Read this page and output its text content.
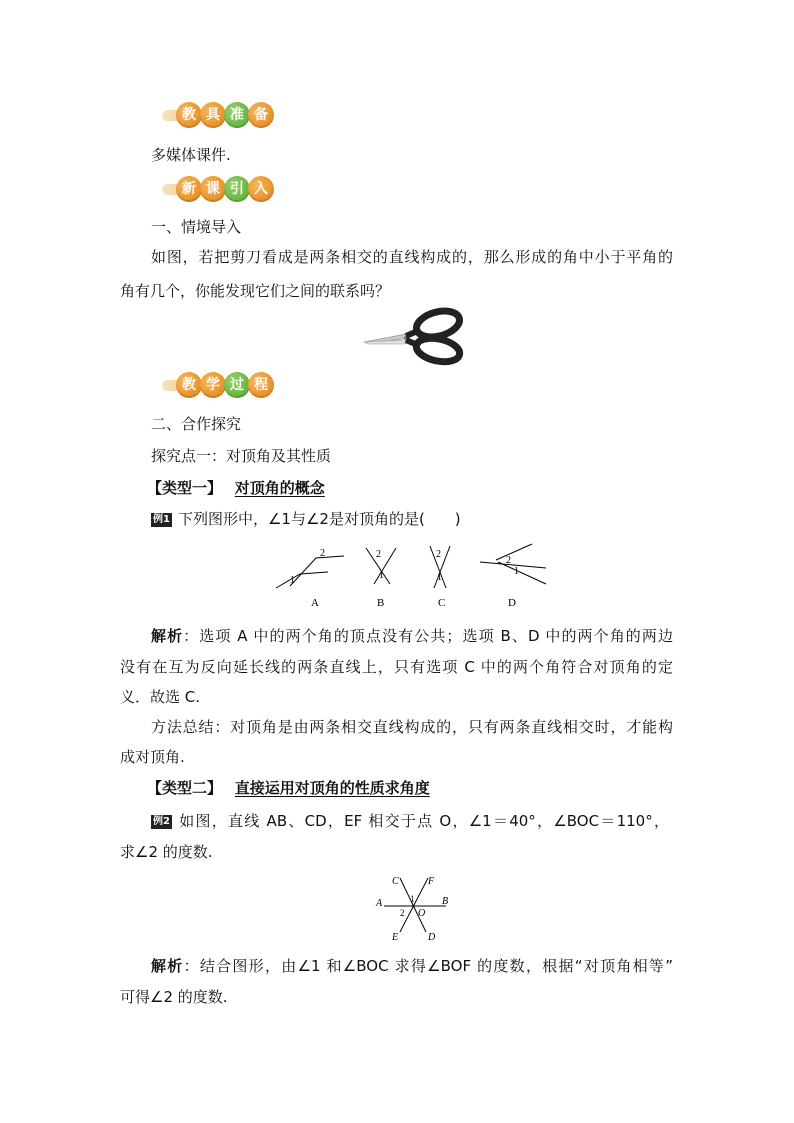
教 具 准 备
多媒体课件.
新 课 引 入
一、情境导入
如图，若把剪刀看成是两条相交的直线构成的，那么形成的角中小于平角的
角有几个，你能发现它们之间的联系吗？
教 学 过 程
二、合作探究
探究点一：对顶角及其性质
【类型一】 对顶角的概念
例1 下列图形中，∠1与∠2是对顶角的是(　　)
1
2
A
2
1
B
2
1
C
2
1
D
解析：选项 A 中的两个角的顶点没有公共；选项 B、D 中的两个角的两边
没有在互为反向延长线的两条直线上，只有选项 C 中的两个角符合对顶角的定
义．故选 C.
方法总结：对顶角是由两条相交直线构成的，只有两条直线相交时，才能构
成对顶角.
【类型二】 直接运用对顶角的性质求角度
例2 如图，直线 AB、CD，EF 相交于点 O，∠1＝40°，∠BOC＝110°，
求∠2 的度数.
C	F
A	B
E	D
O
1
2
解析：结合图形，由∠1 和∠BOC 求得∠BOF 的度数，根据“对顶角相等”
可得∠2 的度数.
